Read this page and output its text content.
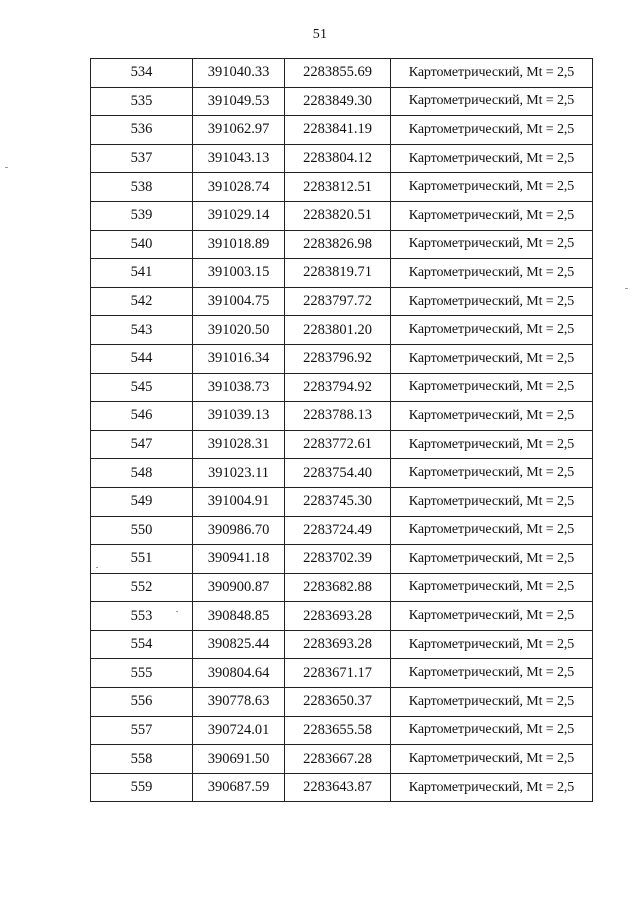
51
534	391040.33	2283855.69	Картометрический, Mt = 2,5
535	391049.53	2283849.30	Картометрический, Mt = 2,5
536	391062.97	2283841.19	Картометрический, Mt = 2,5
537	391043.13	2283804.12	Картометрический, Mt = 2,5
538	391028.74	2283812.51	Картометрический, Mt = 2,5
539	391029.14	2283820.51	Картометрический, Mt = 2,5
540	391018.89	2283826.98	Картометрический, Mt = 2,5
541	391003.15	2283819.71	Картометрический, Mt = 2,5
542	391004.75	2283797.72	Картометрический, Mt = 2,5
543	391020.50	2283801.20	Картометрический, Mt = 2,5
544	391016.34	2283796.92	Картометрический, Mt = 2,5
545	391038.73	2283794.92	Картометрический, Mt = 2,5
546	391039.13	2283788.13	Картометрический, Mt = 2,5
547	391028.31	2283772.61	Картометрический, Mt = 2,5
548	391023.11	2283754.40	Картометрический, Mt = 2,5
549	391004.91	2283745.30	Картометрический, Mt = 2,5
550	390986.70	2283724.49	Картометрический, Mt = 2,5
551	390941.18	2283702.39	Картометрический, Mt = 2,5
552	390900.87	2283682.88	Картометрический, Mt = 2,5
553	390848.85	2283693.28	Картометрический, Mt = 2,5
554	390825.44	2283693.28	Картометрический, Mt = 2,5
555	390804.64	2283671.17	Картометрический, Mt = 2,5
556	390778.63	2283650.37	Картометрический, Mt = 2,5
557	390724.01	2283655.58	Картометрический, Mt = 2,5
558	390691.50	2283667.28	Картометрический, Mt = 2,5
559	390687.59	2283643.87	Картометрический, Mt = 2,5
